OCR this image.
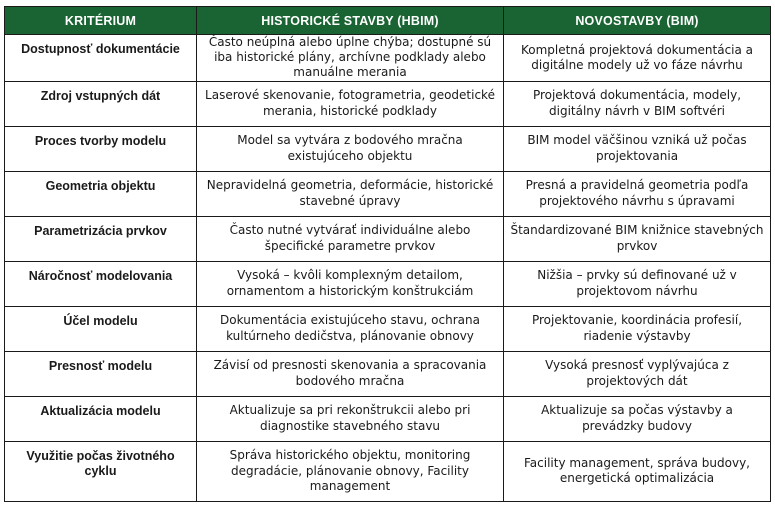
KRITÉRIUM	HISTORICKÉ STAVBY (HBIM)	NOVOSTAVBY (BIM)
Dostupnosť dokumentácie	Často neúplná alebo úplne chýba; dostupné sú iba historické plány, archívne podklady alebo manuálne merania	Kompletná projektová dokumentácia a digitálne modely už vo fáze návrhu
Zdroj vstupných dát	Laserové skenovanie, fotogrametria, geodetické merania, historické podklady	Projektová dokumentácia, modely, digitálny návrh v BIM softvéri
Proces tvorby modelu	Model sa vytvára z bodového mračna existujúceho objektu	BIM model väčšinou vzniká už počas projektovania
Geometria objektu	Nepravidelná geometria, deformácie, historické stavebné úpravy	Presná a pravidelná geometria podľa projektového návrhu s úpravami
Parametrizácia prvkov	Často nutné vytvárať individuálne alebo špecifické parametre prvkov	Štandardizované BIM knižnice stavebných prvkov
Náročnosť modelovania	Vysoká – kvôli komplexným detailom, ornamentom a historickým konštrukciám	Nižšia – prvky sú definované už v projektovom návrhu
Účel modelu	Dokumentácia existujúceho stavu, ochrana kultúrneho dedičstva, plánovanie obnovy	Projektovanie, koordinácia profesií, riadenie výstavby
Presnosť modelu	Závisí od presnosti skenovania a spracovania bodového mračna	Vysoká presnosť vyplývajúca z projektových dát
Aktualizácia modelu	Aktualizuje sa pri rekonštrukcii alebo pri diagnostike stavebného stavu	Aktualizuje sa počas výstavby a prevádzky budovy
Využitie počas životného cyklu	Správa historického objektu, monitoring degradácie, plánovanie obnovy, Facility management	Facility management, správa budovy, energetická optimalizácia
